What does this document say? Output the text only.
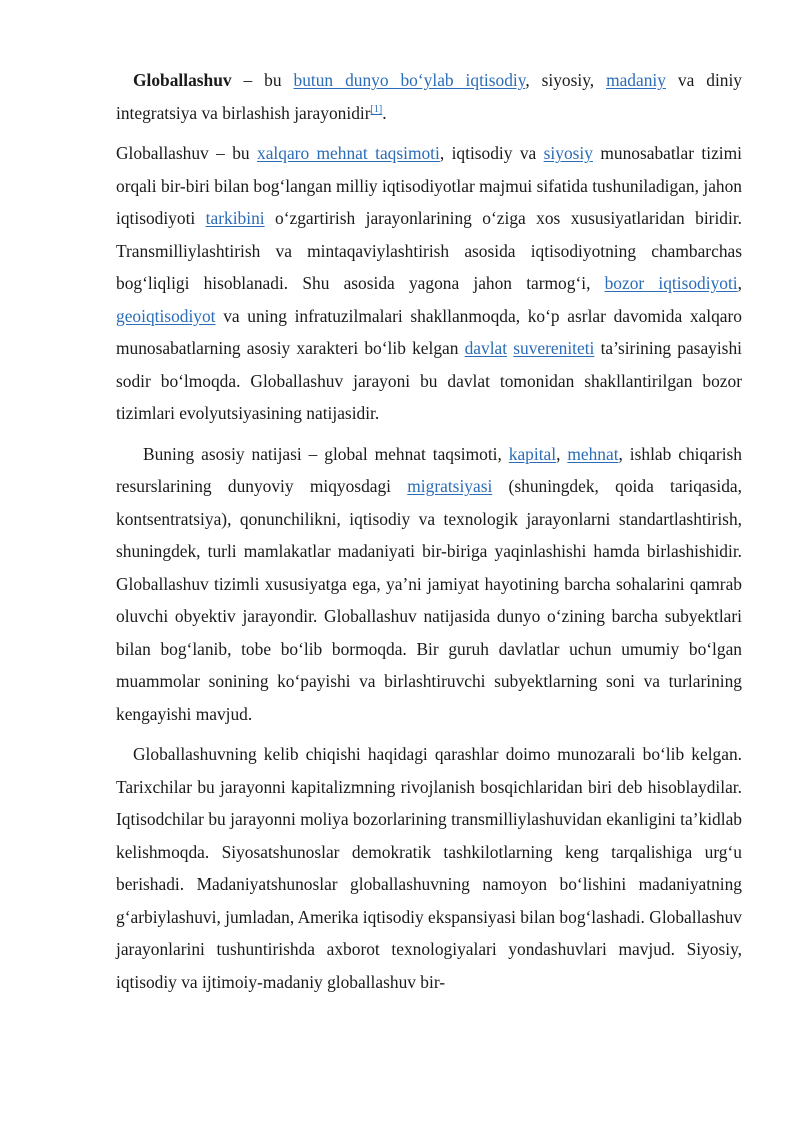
Globallashuv – bu butun dunyo bo‘ylab iqtisodiy, siyosiy, madaniy va diniy integratsiya va birlashish jarayonidir[1].

Globallashuv – bu xalqaro mehnat taqsimoti, iqtisodiy va siyosiy munosabatlar tizimi orqali bir-biri bilan bog‘langan milliy iqtisodiyotlar majmui sifatida tushuniladigan, jahon iqtisodiyoti tarkibini o‘zgartirish jarayonlarining o‘ziga xos xususiyatlaridan biridir. Transmilliylashtirish va mintaqaviylashtirish asosida iqtisodiyotning chambarchas bog‘liqligi hisoblanadi. Shu asosida yagona jahon tarmog‘i, bozor iqtisodiyoti, geoiqtisodiyot va uning infratuzilmalari shakllanmoqda, ko‘p asrlar davomida xalqaro munosabatlarning asosiy xarakteri bo‘lib kelgan davlat suvereniteti ta’sirining pasayishi sodir bo‘lmoqda. Globallashuv jarayoni bu davlat tomonidan shakllantirilgan bozor tizimlari evolyutsiyasining natijasidir.

Buning asosiy natijasi – global mehnat taqsimoti, kapital, mehnat, ishlab chiqarish resurslarining dunyoviy miqyosdagi migratsiyasi (shuningdek, qoida tariqasida, kontsentratsiya), qonunchilikni, iqtisodiy va texnologik jarayonlarni standartlashtirish, shuningdek, turli mamlakatlar madaniyati bir-biriga yaqinlashishi hamda birlashishidir. Globallashuv tizimli xususiyatga ega, ya’ni jamiyat hayotining barcha sohalarini qamrab oluvchi obyektiv jarayondir. Globallashuv natijasida dunyo o‘zining barcha subyektlari bilan bog‘lanib, tobe bo‘lib bormoqda. Bir guruh davlatlar uchun umumiy bo‘lgan muammolar sonining ko‘payishi va birlashtiruvchi subyektlarning soni va turlarining kengayishi mavjud.

Globallashuvning kelib chiqishi haqidagi qarashlar doimo munozarali bo‘lib kelgan. Tarixchilar bu jarayonni kapitalizmning rivojlanish bosqichlaridan biri deb hisoblaydilar. Iqtisodchilar bu jarayonni moliya bozorlarining transmilliylashuvidan ekanligini ta’kidlab kelishmoqda. Siyosatshunoslar demokratik tashkilotlarning keng tarqalishiga urg‘u berishadi. Madaniyatshunoslar globallashuvning namoyon bo‘lishini madaniyatning g‘arbiylashuvi, jumladan, Amerika iqtisodiy ekspansiyasi bilan bog‘lashadi. Globallashuv jarayonlarini tushuntirishda axborot texnologiyalari yondashuvlari mavjud. Siyosiy, iqtisodiy va ijtimoiy-madaniy globallashuv bir-
